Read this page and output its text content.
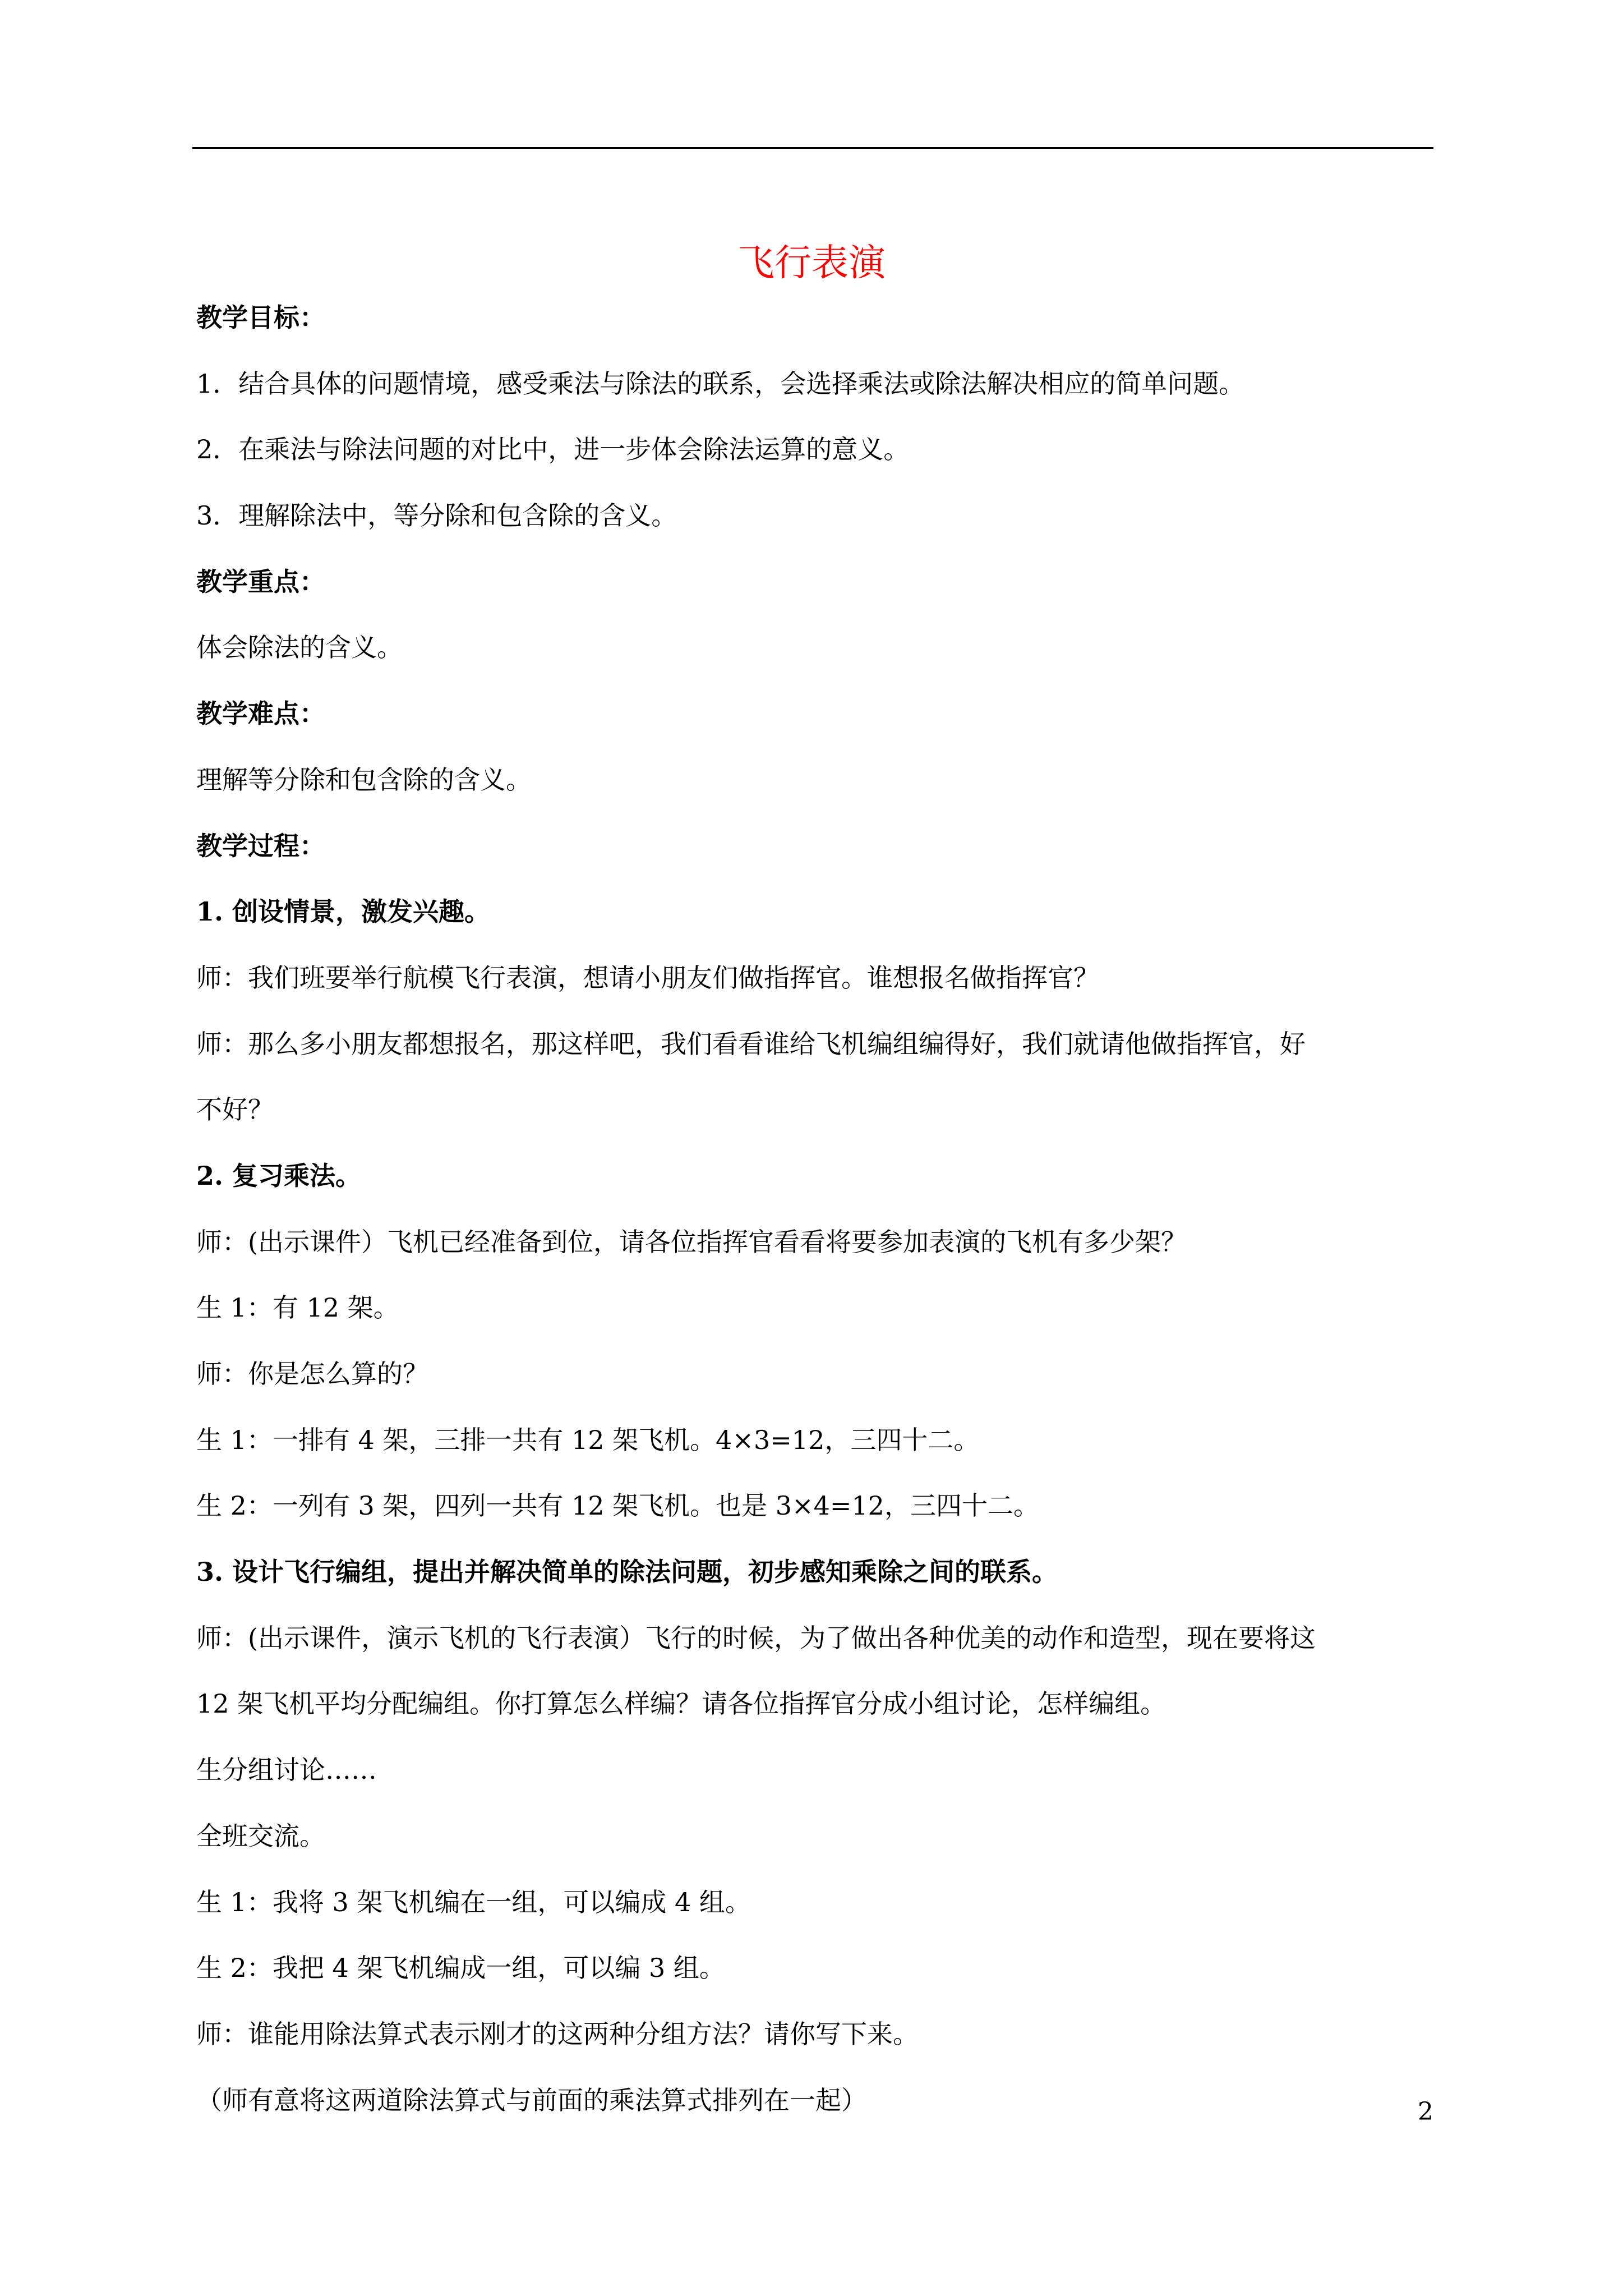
飞行表演
教学目标：
1．结合具体的问题情境，感受乘法与除法的联系，会选择乘法或除法解决相应的简单问题。
2．在乘法与除法问题的对比中，进一步体会除法运算的意义。
3．理解除法中，等分除和包含除的含义。
教学重点：
体会除法的含义。
教学难点：
理解等分除和包含除的含义。
教学过程：
1. 创设情景，激发兴趣。
师：我们班要举行航模飞行表演，想请小朋友们做指挥官。谁想报名做指挥官？
师：那么多小朋友都想报名，那这样吧，我们看看谁给飞机编组编得好，我们就请他做指挥官，好
不好？
2. 复习乘法。
师：(出示课件）飞机已经准备到位，请各位指挥官看看将要参加表演的飞机有多少架？
生 1：有 12 架。
师：你是怎么算的？
生 1：一排有 4 架，三排一共有 12 架飞机。4×3=12，三四十二。
生 2：一列有 3 架，四列一共有 12 架飞机。也是 3×4=12，三四十二。
3. 设计飞行编组，提出并解决简单的除法问题，初步感知乘除之间的联系。
师：(出示课件，演示飞机的飞行表演）飞行的时候，为了做出各种优美的动作和造型，现在要将这
12 架飞机平均分配编组。你打算怎么样编？请各位指挥官分成小组讨论，怎样编组。
生分组讨论……
全班交流。
生 1：我将 3 架飞机编在一组，可以编成 4 组。
生 2：我把 4 架飞机编成一组，可以编 3 组。
师：谁能用除法算式表示刚才的这两种分组方法？请你写下来。
（师有意将这两道除法算式与前面的乘法算式排列在一起）	2
